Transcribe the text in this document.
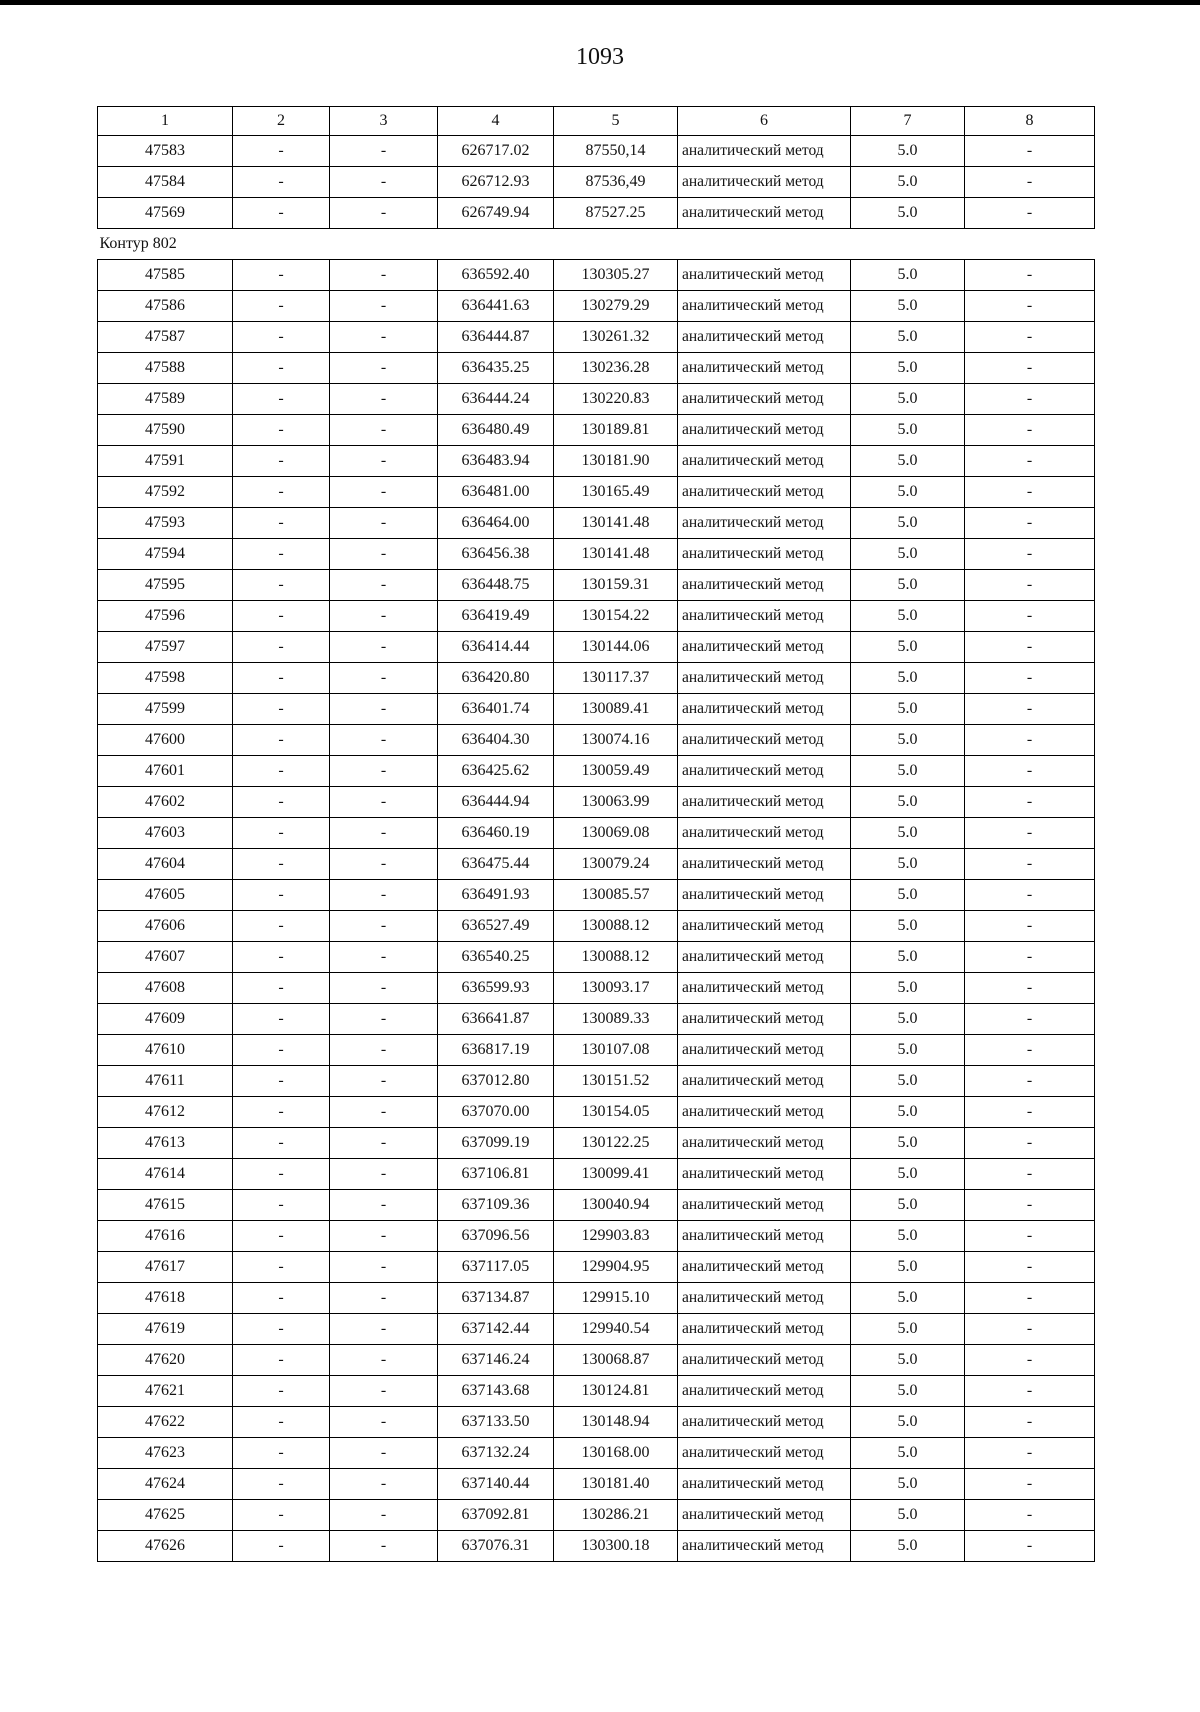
1093
1	2	3	4	5	6	7	8
47583	-	-	626717.02	87550,14	аналитический метод	5.0	-
47584	-	-	626712.93	87536,49	аналитический метод	5.0	-
47569	-	-	626749.94	87527.25	аналитический метод	5.0	-
Контур 802
47585	-	-	636592.40	130305.27	аналитический метод	5.0	-
47586	-	-	636441.63	130279.29	аналитический метод	5.0	-
47587	-	-	636444.87	130261.32	аналитический метод	5.0	-
47588	-	-	636435.25	130236.28	аналитический метод	5.0	-
47589	-	-	636444.24	130220.83	аналитический метод	5.0	-
47590	-	-	636480.49	130189.81	аналитический метод	5.0	-
47591	-	-	636483.94	130181.90	аналитический метод	5.0	-
47592	-	-	636481.00	130165.49	аналитический метод	5.0	-
47593	-	-	636464.00	130141.48	аналитический метод	5.0	-
47594	-	-	636456.38	130141.48	аналитический метод	5.0	-
47595	-	-	636448.75	130159.31	аналитический метод	5.0	-
47596	-	-	636419.49	130154.22	аналитический метод	5.0	-
47597	-	-	636414.44	130144.06	аналитический метод	5.0	-
47598	-	-	636420.80	130117.37	аналитический метод	5.0	-
47599	-	-	636401.74	130089.41	аналитический метод	5.0	-
47600	-	-	636404.30	130074.16	аналитический метод	5.0	-
47601	-	-	636425.62	130059.49	аналитический метод	5.0	-
47602	-	-	636444.94	130063.99	аналитический метод	5.0	-
47603	-	-	636460.19	130069.08	аналитический метод	5.0	-
47604	-	-	636475.44	130079.24	аналитический метод	5.0	-
47605	-	-	636491.93	130085.57	аналитический метод	5.0	-
47606	-	-	636527.49	130088.12	аналитический метод	5.0	-
47607	-	-	636540.25	130088.12	аналитический метод	5.0	-
47608	-	-	636599.93	130093.17	аналитический метод	5.0	-
47609	-	-	636641.87	130089.33	аналитический метод	5.0	-
47610	-	-	636817.19	130107.08	аналитический метод	5.0	-
47611	-	-	637012.80	130151.52	аналитический метод	5.0	-
47612	-	-	637070.00	130154.05	аналитический метод	5.0	-
47613	-	-	637099.19	130122.25	аналитический метод	5.0	-
47614	-	-	637106.81	130099.41	аналитический метод	5.0	-
47615	-	-	637109.36	130040.94	аналитический метод	5.0	-
47616	-	-	637096.56	129903.83	аналитический метод	5.0	-
47617	-	-	637117.05	129904.95	аналитический метод	5.0	-
47618	-	-	637134.87	129915.10	аналитический метод	5.0	-
47619	-	-	637142.44	129940.54	аналитический метод	5.0	-
47620	-	-	637146.24	130068.87	аналитический метод	5.0	-
47621	-	-	637143.68	130124.81	аналитический метод	5.0	-
47622	-	-	637133.50	130148.94	аналитический метод	5.0	-
47623	-	-	637132.24	130168.00	аналитический метод	5.0	-
47624	-	-	637140.44	130181.40	аналитический метод	5.0	-
47625	-	-	637092.81	130286.21	аналитический метод	5.0	-
47626	-	-	637076.31	130300.18	аналитический метод	5.0	-
